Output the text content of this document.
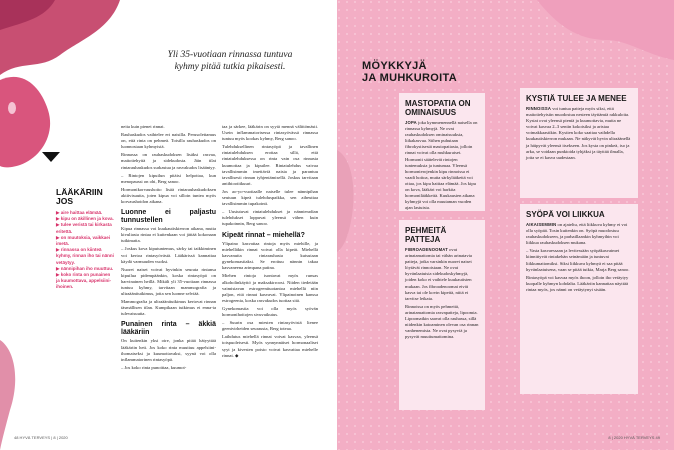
Yli 35-vuotiaan rinnassa tuntuva kyhmy pitää tutkia pikaisesti.
LÄÄKÄRIIN JOS
▶ aire haittaa elämää.
▶ kipu on äkillinen ja kova.
▶ tulee veristä tai kirkasta eritettä.
▶ on muutoksia, vaikkaei imetä.
▶ rinnassa on kiinteä kyhmy, rinnan iho tai nänni vetäytyy.
▶ nännipihan iho muuttuu.
▶ koko rinta on punainen ja kuumottava, appelsiini-ihoinen.

neita kuin pienet rinnat.

Rauhaskudos vaihtelee eri naisilla. Perusolettamus on, että rinta on pehmeä. Toisilla rauhaskudos on luonnostaan kyhmyistä.

Rinnassa on rauhaskudoksen lisäksi rasvaa, maitotiehyitä ja sidekudosta. Jäin tilat rintarauhaskudos surkastua ja rasvakudos lisääntyy.

– Rintojen kipuilun pitäisi helpottaa, kun menopaussi on ohi, Berg sanoo.

Hormonikorvaushoito lisää rintarauhaskudoksen aktiivisuutta, joten kipua voi silloin tuntea myös korvaushoidon aikana.

Luonne ei paljastu tunnustellen

Kipua rinnassa voi kuukautiskierron aikana, mutta kivuliasta rintaa ei kuitenkaan voi jättää kokonaan tutkimatta.

– Joskus kova kiputuntemus, särky tai taikkiminen voi kertoa rintasyövästä. Lääkärissä kannattaa käydä varmuuden vuoksi.

Nuoret naiset voivat hyvinkin seurata rintansa kipuilua pidempäänkin, koska rintasyöpä on harvinainen heillä. Mikäli yli 35-vuotiaan rinnassa tuntuu kyhmy, tarvitaan mammografia ja ultraäänitutkimus, jotta sen luonne selviää.

Mammografia ja ultraäänitutkimus kertovat rinnan täsmällisen tilan. Kumpikaan tutkimus ei enna-ta tulevaisuutta.

Punainen rinta – äkkiä lääkäriin

On kuitenkin yksi oire, jonka pitää hätyyttää lääkäriin heti. Jos koko rinta muuttuu appelsiini-ihomaiseksi ja kuumottavaksi, syynä voi olla inflammatorinen rintasyöpä.

– Jos koko rinta punoittaa, kuumot-

taa ja särkee, lääkärin on syytä mennä välittömästi. Usein inflammatorisessa rintasyövässä rinnassa tuntuu myös kookas kyhmy, Berg sanoo.

Tulehduksellinen rintasyöpä ja tavallinen rintatulehduksen erottaa sillä, että rintatulehduksessa on rinta vain osa rinnasta kuumottaa ja kipuilee. Rintatulehdus vaivaa tavallisimmin imettäviä naisia ja parantuu tavallisesti rinnan tyhjentämisellä. Joskus tarvitaan antibiootitkuuri.

Jos ao-yo-vuotiaalle naiselle tulee nännipihan seutuun kipeä tulehduspaikka, sen aiheuttaa tavallisimmin tupakointi.

– Uusiutuvat rintatulehdukset ja nännieradian tulehdukset loppuvat yleensä vähen kuin tupakoinnin, Berg sanoo.

Kipeät rinnat – miehellä?

Ylipaino kasvattaa rintoja myös miehille, ja miehelläkin rinnat voivat olla kipeät. Miehellä kasvanutta rintarauhasta kutsutaan gynekomastiaksi. Se erottuu nännin takaa kasvaneena arimpana patina.

Miehen rintoja isontavat myös runsas alkoholinkäyttö ja maksakirroosi. Niiden tiedetään vaimistavan estrogeenituotantoa miehellä niin paljon, että rinnat kasvavat. Ylipainoinen kanssa estrogeenia, koska rasvakudos tuottaa sitä.

Gynekomastia voi olla myös syövän hormonihoitojen sivuvaikutus.

– Suurin osa miesten rintasyövistä lienee geenivirheiden seurausta, Berg toteaa.

Laihdutus miehellä rinnat voivat kasvaa, yleensä toispuoleisesti. Myös synnynnäiset hormonaaliset syyt ja kivesten poisto voivat kasvattaa miehelle rinnat. ◆

48 HYVÄ TERVEYS | 8 | 2020
MÖYKKYJÄ
JA MUHKUROITA
MASTOPATIA ON
OMINAISUUS

JOPA joka kymmenennellä naisella on rinnassa kyhmyjä. Ne ovat rauhaskudoksen ominaisuuksia, liikakasvua. Siihen puhutaan fibrokystisestä mastopatiasta, jolloin rinnat voivat olla muhkuraiset. Hormonit säätelevät rintojen tuntemuksia ja tuntumaa. Yleensä hormonierojenkin kipu rinnoissa ei vaadi hoitoa, mutta särkylääkettä voi ottaa, jos kipu haittaa elämää. Jos kipu on kova, lääkäri voi harkita hormonilääkkeitä. Kuukausien aikana kyhmyjä voi olla muutaman vuoden ajan lastuista.

PEHMEITÄ
PATTEJA

FIBROADENOOMAT ovat arinatamattomia tai vähän arinatavia patteja, jotka varsinkin nuoret naiset löytävät rinnoistaan. Ne ovat hyvänlaatuisia sidekudoskyhmyjä, joiden koko ei vaihtele kuukautisten mukaan. Jos fibroadenoomat eivät kasva tai ole kovin kipeitä, niitä ei tarvitse leikata.

Rinnoissa on myös pehmeitä, arinatamattomia rasvapatteja, lipoomia. Lipoomatkin saavat olla rauhassa, sillä niidenkin katoaminen olevan osa rinnan vanhenemista. Ne ovat pysyviä ja pysyvät muuttumattomina.

KYSTIÄ TULEE JA MENEE

RINNOISSA voi tuntua patteja myös siksi, että maitotiehyisiin muodostuu nesteen täyttämiä rakkuloita. Kystat ovat yleensä pieniä ja kuumottavia, mutta ne voivat kasvaa 2–3 sentin kokoisiksi ja aristaa voimakkaastikin. Kystien koko saattaa vaihdella kuukautiskierron mukaan. Ne näkyvät hyvin ultraäänellä ja häipyvät yleensä itsekseen. Jos kysta on pinkeä, iso ja arka, se voidaan punktoida tyhjäksi ja täyttää ilmalla, jotta se ei kasva uudestaan.

SYÖPÄ VOI LIIKKUA

AIKAISEMMIN on ajateltu, että liikkuva kyhmy ei voi olla syöpää. Tosin kuitenkin on. Syöpä muodostuu rauhaskudokseen, ja parhaillaankin kyhmyihin voi liikkua rauhaskudoksen mukana.

– Vasta kasvaessaan ja levitessään syöpäkasvaimet kiinnittyvät rintakehän seinämään ja tuntuvat liikkumattomiksi. Siksi liikkuva kyhmyä ei saa pitää hyvänlaatuisena, vaan se pitää tutkia, Marja Berg sanoo.

Rintasyöpä voi kasvaa myös ihoon, jolloin iho vetäytyy kuopalle kyhmyn kohdalta. Lääkäriin kannattaa näyttää rintaa myös, jos nänni on vetäytynyt sisään.

8 | 2020 HYVÄ TERVEYS 49
